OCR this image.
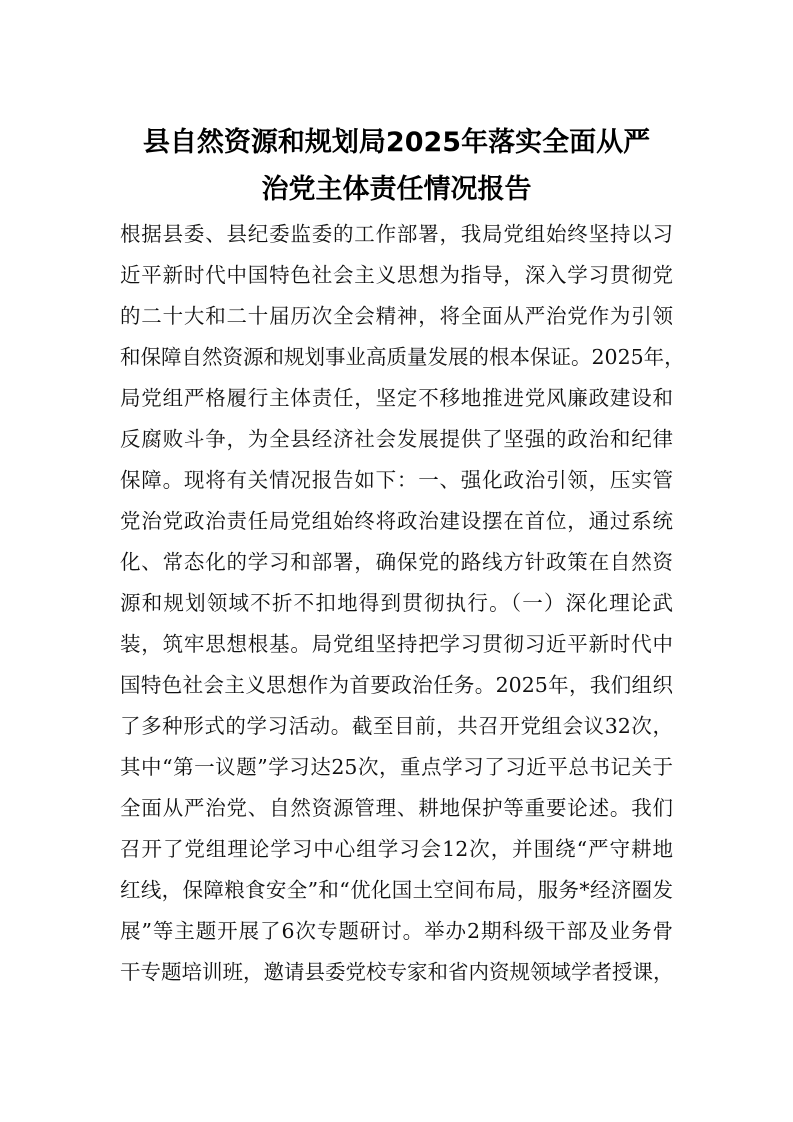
县自然资源和规划局2025年落实全面从严
治党主体责任情况报告
根据县委、县纪委监委的工作部署，我局党组始终坚持以习
近平新时代中国特色社会主义思想为指导，深入学习贯彻党
的二十大和二十届历次全会精神，将全面从严治党作为引领
和保障自然资源和规划事业高质量发展的根本保证。2025年，
局党组严格履行主体责任，坚定不移地推进党风廉政建设和
反腐败斗争，为全县经济社会发展提供了坚强的政治和纪律
保障。现将有关情况报告如下：一、强化政治引领，压实管
党治党政治责任局党组始终将政治建设摆在首位，通过系统
化、常态化的学习和部署，确保党的路线方针政策在自然资
源和规划领域不折不扣地得到贯彻执行。（一）深化理论武
装，筑牢思想根基。局党组坚持把学习贯彻习近平新时代中
国特色社会主义思想作为首要政治任务。2025年，我们组织
了多种形式的学习活动。截至目前，共召开党组会议32次，
其中“第一议题”学习达25次，重点学习了习近平总书记关于
全面从严治党、自然资源管理、耕地保护等重要论述。我们
召开了党组理论学习中心组学习会12次，并围绕“严守耕地
红线，保障粮食安全”和“优化国土空间布局，服务*经济圈发
展”等主题开展了6次专题研讨。举办2期科级干部及业务骨
干专题培训班，邀请县委党校专家和省内资规领域学者授课，
